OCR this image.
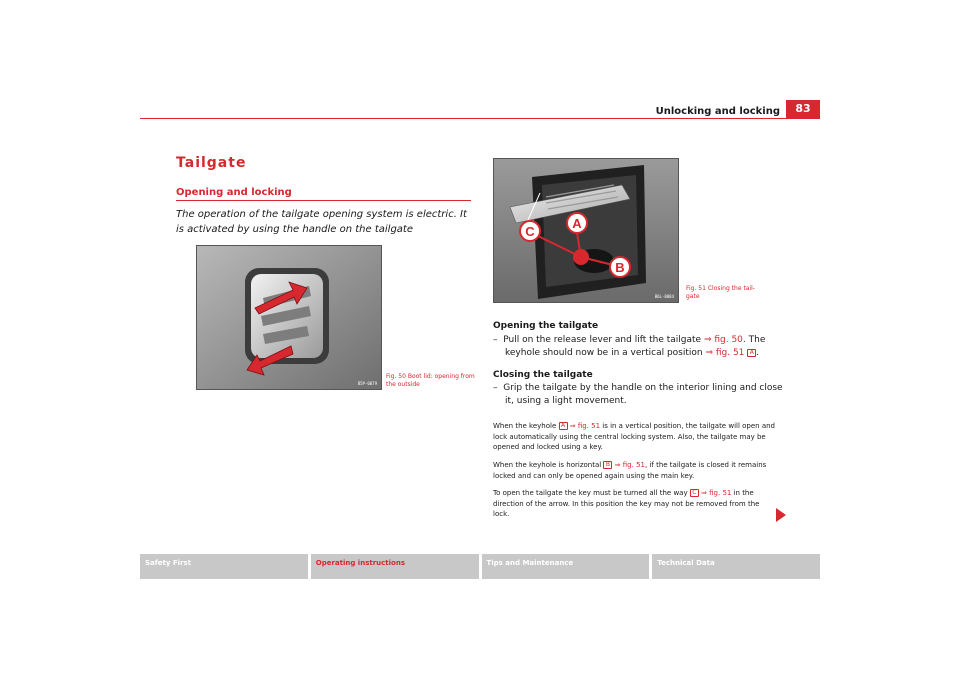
Unlocking and locking	83
Tailgate
Opening and locking

The operation of the tailgate opening system is electric. It is activated by using the handle on the tailgate

B5P-0079
Fig. 50 Boot lid: opening from the outside
A
B
C
B6L-0084
Fig. 51 Closing the tail-gate
Opening the tailgate
– Pull on the release lever and lift the tailgate ⇒ fig. 50. The keyhole should now be in a vertical position ⇒ fig. 51 A .
Closing the tailgate
– Grip the tailgate by the handle on the interior lining and close it, using a light movement.

When the keyhole A ⇒ fig. 51 is in a vertical position, the tailgate will open and lock automatically using the central locking system. Also, the tailgate may be opened and locked using a key.

When the keyhole is horizontal B ⇒ fig. 51, if the tailgate is closed it remains locked and can only be opened again using the main key.

To open the tailgate the key must be turned all the way C ⇒ fig. 51 in the direction of the arrow. In this position the key may not be removed from the lock.

Safety First	Operating instructions	Tips and Maintenance	Technical Data
